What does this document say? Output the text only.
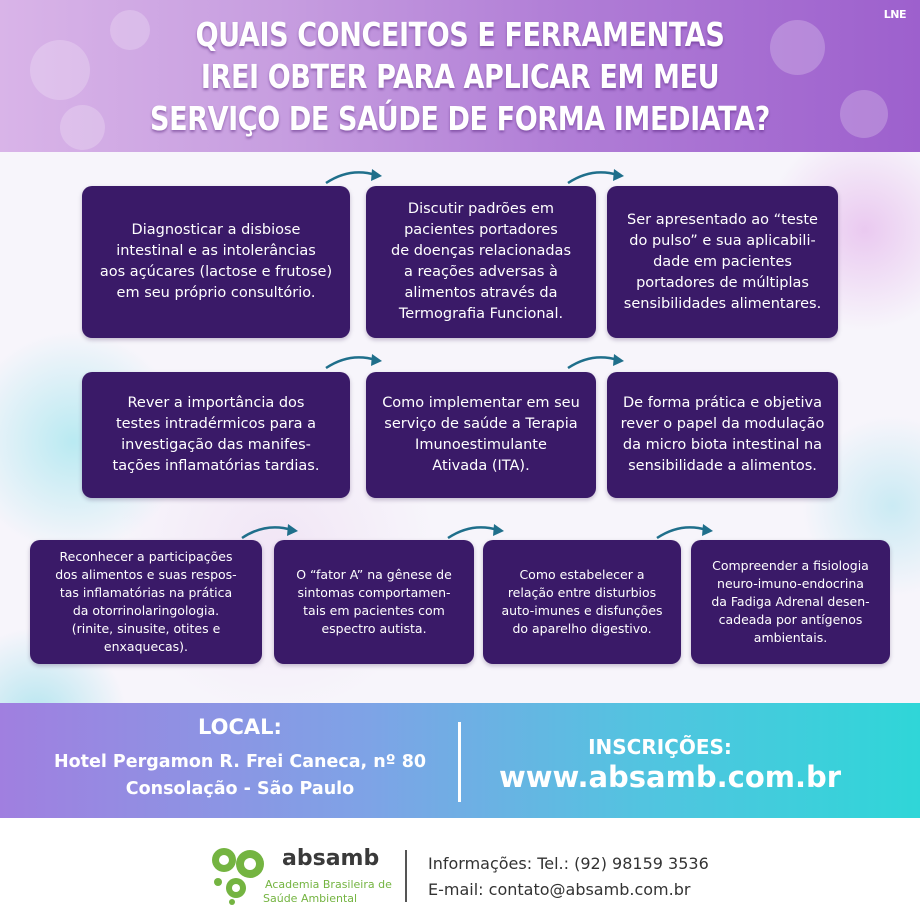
QUAIS CONCEITOS E FERRAMENTAS
IREI OBTER PARA APLICAR EM MEU
SERVIÇO DE SAÚDE DE FORMA IMEDIATA?
LNE
Diagnosticar a disbiose
intestinal e as intolerâncias
aos açúcares (lactose e frutose)
em seu próprio consultório.
Discutir padrões em
pacientes portadores
de doenças relacionadas
a reações adversas à
alimentos através da
Termografia Funcional.
Ser apresentado ao “teste
do pulso” e sua aplicabili-
dade em pacientes
portadores de múltiplas
sensibilidades alimentares.
Rever a importância dos
testes intradérmicos para a
investigação das manifes-
tações inflamatórias tardias.
Como implementar em seu
serviço de saúde a Terapia
Imunoestimulante
Ativada (ITA).
De forma prática e objetiva
rever o papel da modulação
da micro biota intestinal na
sensibilidade a alimentos.
Reconhecer a participações
dos alimentos e suas respos-
tas inflamatórias na prática
da otorrinolaringologia.
(rinite, sinusite, otites e
enxaquecas).
O “fator A” na gênese de
sintomas comportamen-
tais em pacientes com
espectro autista.
Como estabelecer a
relação entre disturbios
auto-imunes e disfunções
do aparelho digestivo.
Compreender a fisiologia
neuro-imuno-endocrina
da Fadiga Adrenal desen-
cadeada por antígenos
ambientais.
LOCAL:
Hotel Pergamon R. Frei Caneca, nº 80
Consolação - São Paulo
INSCRIÇÕES:
www.absamb.com.br
absamb
Academia Brasileira de
Saúde Ambiental
Informações: Tel.: (92) 98159 3536
E-mail: contato@absamb.com.br
